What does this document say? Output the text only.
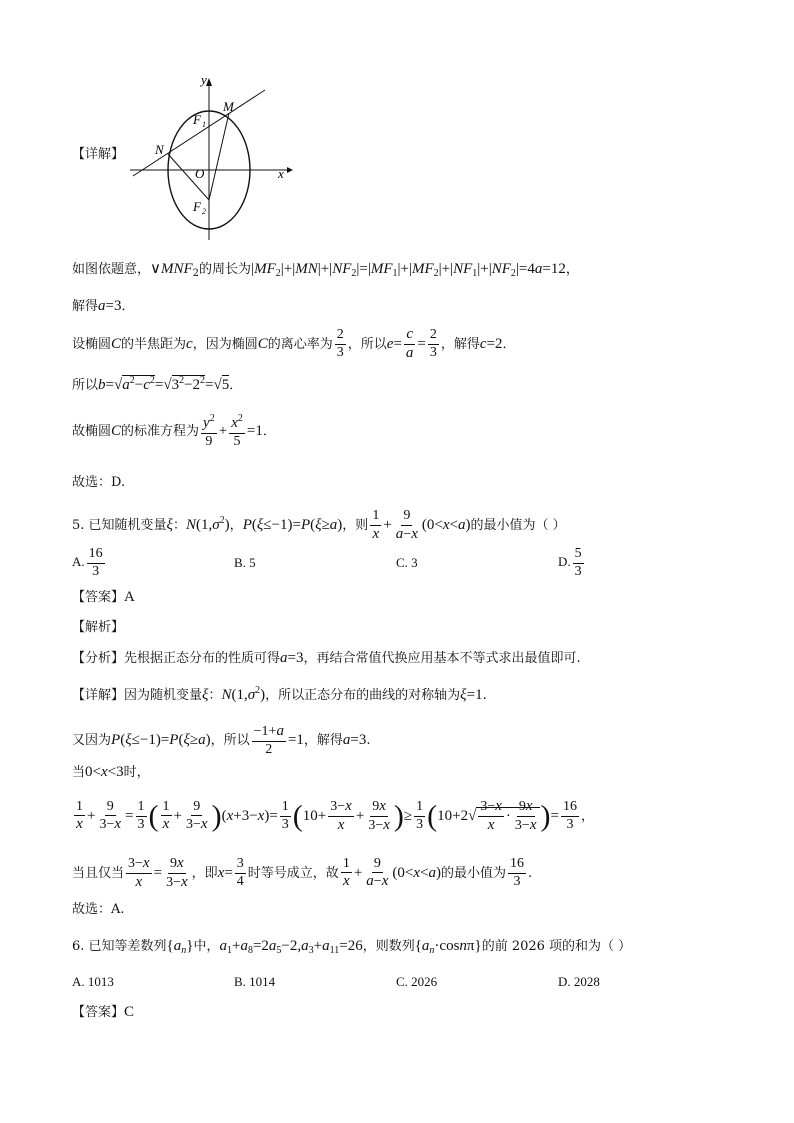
【详解】
y
x
O
M
N
F 1
F 2
如图依题意，$\vee MNF_2$的周长为$|MF_2|+|MN|+|NF_2|=|MF_1|+|MF_2|+|NF_1|+|NF_2|=4a=12$，
解得a=3．
设椭圆C的半焦距为c，因为椭圆C的离心率为 $\frac{2}{3}$ ，所以$e= \frac{c}{a} = \frac{2}{3}$ ，解得c=2．
所以$b=√a^2-c^2=√3^2-2^2=√5$．
故椭圆C的标准方程为 $\frac{y^2}{9} + \frac{x^2}{5} =1$．
故选：D.
5. 已知随机变量ξ：$N(1,\sigma^2)$，P(ξ≤−1)=P(ξ≥a)，则 $\frac{1}{x} + \frac{9}{a-x} (0<x<a)$的最小值为（ ）
A. $\frac{16}{3}$	B. 5	C. 3	D. $\frac{5}{3}$
【答案】A
【解析】
【分析】先根据正态分布的性质可得a=3，再结合常值代换应用基本不等式求出最值即可.
【详解】因为随机变量ξ：$N(1,\sigma^2)$，所以正态分布的曲线的对称轴为ξ=1.
又因为P(ξ≤−1)=P(ξ≥a)，所以 $\frac{-1+a}{2} =1$，解得a=3.
当0<x<3时，
$\frac{1}{x} + \frac{9}{3-x} = \frac{1}{3}$ ( $\frac{1}{x} + \frac{9}{3-x} )(x+3-x)= \frac{1}{3} (10+ \frac{3-x}{x} + \frac{9x}{3-x}$ )≥ $\frac{1}{3} (10+2√ \frac{3-x}{x} \cdot \frac{9x}{3-x}$ )= $\frac{16}{3}$ ，
当且仅当 $\frac{3-x}{x} = \frac{9x}{3-x}$ ，即$x= \frac{3}{4}$ 时等号成立，故 $\frac{1}{x} + \frac{9}{a-x} (0<x<a)$的最小值为 $\frac{16}{3}$ .
故选：A.
6. 已知等差数列$\{a_n\}$中，$a_1+a_8=2a_5-2,a_3+a_{11}=26$，则数列$\{a_n\cdot\cos n\pi\}$的前 2026 项的和为（ ）
A. 1013	B. 1014	C. 2026	D. 2028
【答案】C
